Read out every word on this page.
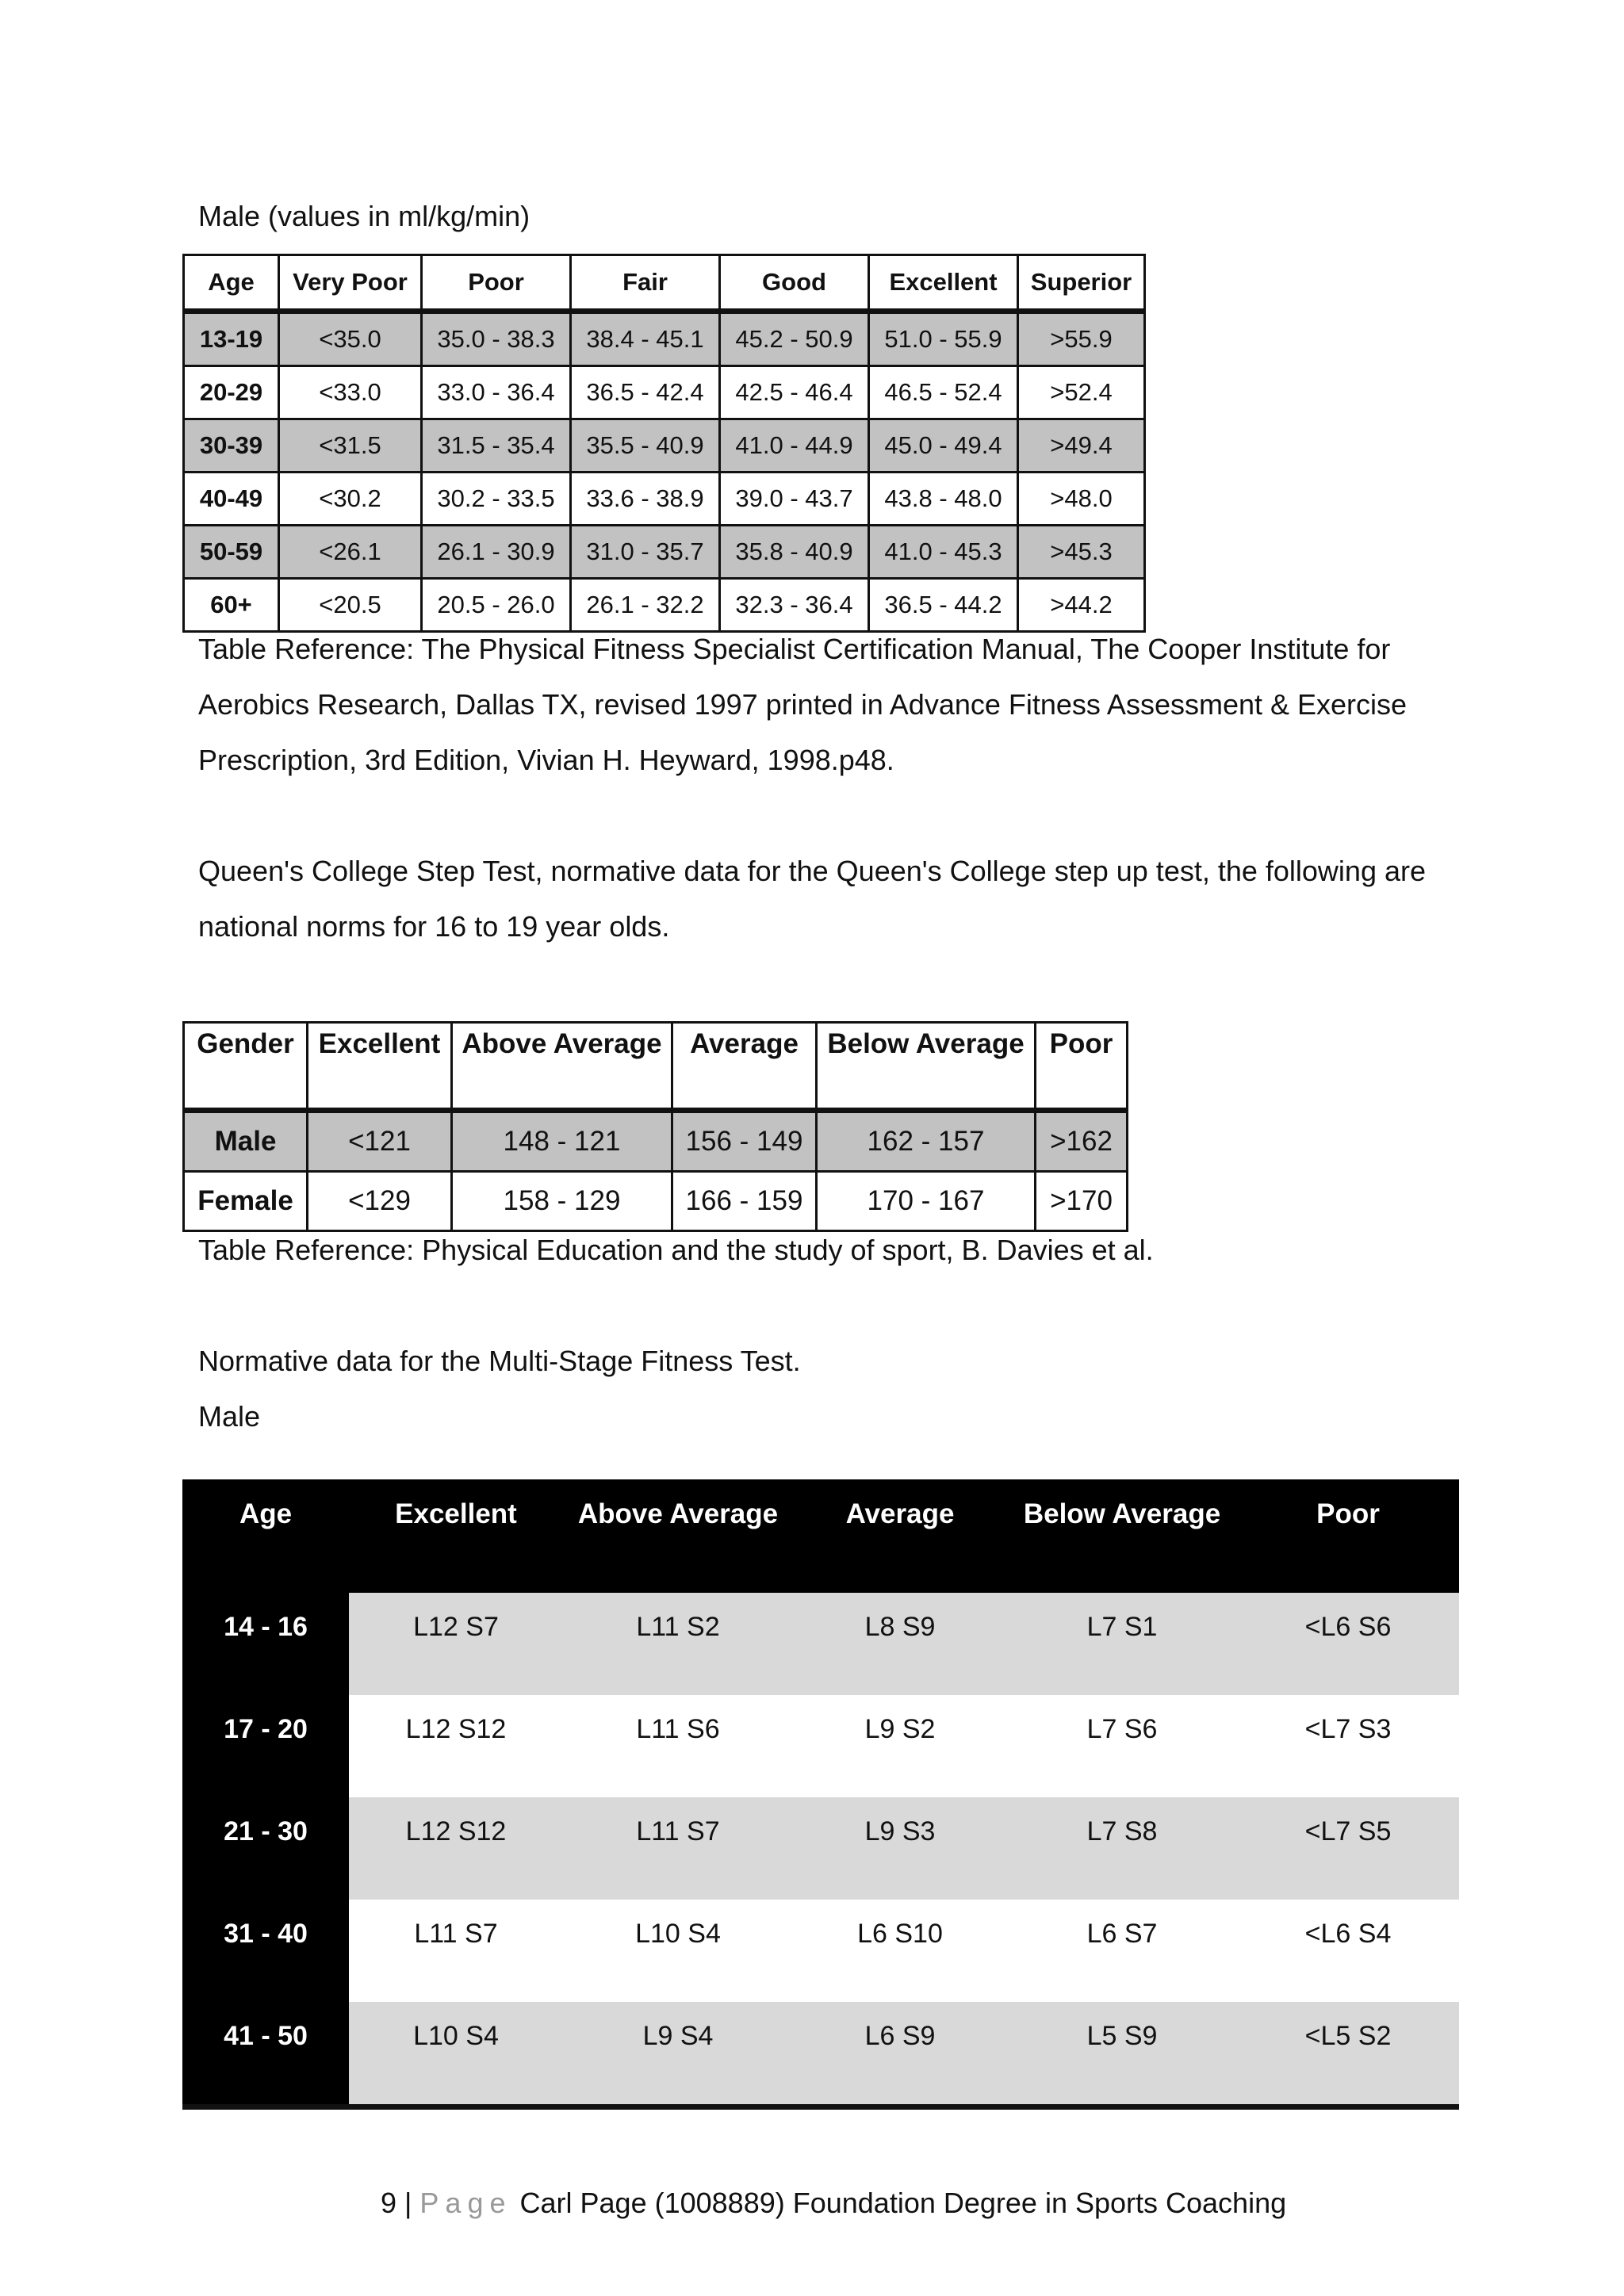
Male (values in ml/kg/min)

Age	Very Poor	Poor	Fair	Good	Excellent	Superior
13-19	<35.0	35.0 - 38.3	38.4 - 45.1	45.2 - 50.9	51.0 - 55.9	>55.9
20-29	<33.0	33.0 - 36.4	36.5 - 42.4	42.5 - 46.4	46.5 - 52.4	>52.4
30-39	<31.5	31.5 - 35.4	35.5 - 40.9	41.0 - 44.9	45.0 - 49.4	>49.4
40-49	<30.2	30.2 - 33.5	33.6 - 38.9	39.0 - 43.7	43.8 - 48.0	>48.0
50-59	<26.1	26.1 - 30.9	31.0 - 35.7	35.8 - 40.9	41.0 - 45.3	>45.3
60+	<20.5	20.5 - 26.0	26.1 - 32.2	32.3 - 36.4	36.5 - 44.2	>44.2

Table Reference: The Physical Fitness Specialist Certification Manual, The Cooper Institute for

Aerobics Research, Dallas TX, revised 1997 printed in Advance Fitness Assessment & Exercise

Prescription, 3rd Edition, Vivian H. Heyward, 1998.p48.

Queen's College Step Test, normative data for the Queen's College step up test, the following are

national norms for 16 to 19 year olds.

Gender	Excellent	Above Average	Average	Below Average	Poor
Male	<121	148 - 121	156 - 149	162 - 157	>162
Female	<129	158 - 129	166 - 159	170 - 167	>170

Table Reference: Physical Education and the study of sport, B. Davies et al.

Normative data for the Multi-Stage Fitness Test.

Male

Age	Excellent	Above Average	Average	Below Average	Poor
14 - 16	L12 S7	L11 S2	L8 S9	L7 S1	<L6 S6
17 - 20	L12 S12	L11 S6	L9 S2	L7 S6	<L7 S3
21 - 30	L12 S12	L11 S7	L9 S3	L7 S8	<L7 S5
31 - 40	L11 S7	L10 S4	L6 S10	L6 S7	<L6 S4
41 - 50	L10 S4	L9 S4	L6 S9	L5 S9	<L5 S2
9 | Page Carl Page (1008889) Foundation Degree in Sports Coaching
